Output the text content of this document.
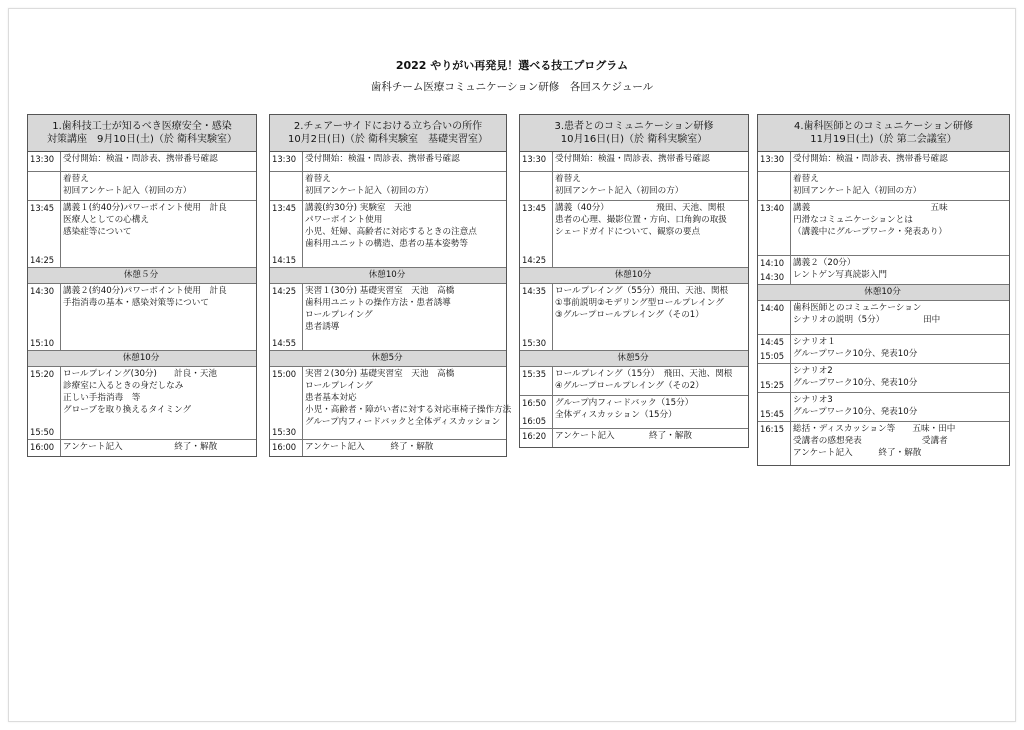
2022 やりがい再発見！選べる技工プログラム
歯科チーム医療コミュニケーション研修　各回スケジュール
1.歯科技工士が知るべき医療安全・感染
対策講座　9月10日(土)（於 衛科実験室）
13:30 受付開始：検温・問診表、携帯番号確認
着替え
初回アンケート記入（初回の方）
13:45
14:25
講義１(約40分)パワーポイント使用　計良
医療人としての心構え
感染症等について

休憩５分
14:30
15:10
講義２(約40分)パワーポイント使用　計良
手指消毒の基本・感染対策等について

休憩10分
15:20
15:50
ロールプレイング(30分)　　計良・天池
診療室に入るときの身だしなみ
正しい手指消毒　等
グローブを取り換えるタイミング

16:00 アンケート記入　　　　　　終了・解散
2.チェアーサイドにおける立ち合いの所作
10月2日(日)（於 衛科実験室　基礎実習室）
13:30 受付開始：検温・問診表、携帯番号確認
着替え
初回アンケート記入（初回の方）
13:45
14:15
講義(約30分) 実験室　天池
パワーポイント使用
小児、妊婦、高齢者に対応するときの注意点
歯科用ユニットの構造、患者の基本姿勢等
休憩10分
14:25
14:55
実習１(30分) 基礎実習室　天池　高橋
歯科用ユニットの操作方法・患者誘導
ロールプレイング
患者誘導
休憩5分
15:00
15:30
実習２(30分) 基礎実習室　天池　高橋
ロールプレイング
患者基本対応
小児・高齢者・障がい者に対する対応車椅子操作方法
グループ内フィードバックと全体ディスカッション
16:00 アンケート記入　　　終了・解散
3.患者とのコミュニケーション研修
10月16日(日)（於 衛科実験室）
13:30 受付開始：検温・問診表、携帯番号確認
着替え
初回アンケート記入（初回の方）
13:45
14:25
講義（40分）　　　　　　飛田、天池、関根
患者の心理、撮影位置・方向、口角鉤の取扱
シェードガイドについて、観察の要点

休憩10分
14:35
15:30
ロールプレイング（55分）飛田、天池、関根
①事前説明②モデリング型ロールプレイング
③グループロールプレイング（その1）

休憩5分
15:35 ロールプレイング（15分）　飛田、天池、関根
④グループロールプレイング（その2）
16:50
16:05
グループ内フィードバック（15分）
全体ディスカッション（15分）

16:20 アンケート記入　　　　終了・解散
4.歯科医師とのコミュニケーション研修
11月19日(土)（於 第二会議室）
13:30 受付開始：検温・問診表、携帯番号確認
着替え
初回アンケート記入（初回の方）
13:40 講義　　　　　　　　　　　　　　五味
円滑なコミュニケーションとは
（講義中にグループワーク・発表あり）
14:10
14:30
講義２（20分）
レントゲン写真読影入門
休憩10分
14:40 歯科医師とのコミュニケーション
シナリオの説明（5分）　　　　　田中
14:45
15:05
シナリオ１
グループワーク10分、発表10分
15:25
シナリオ2
グループワーク10分、発表10分
15:45
シナリオ3
グループワーク10分、発表10分
16:15 総括・ディスカッション等　　五味・田中
受講者の感想発表　　　　　　　受講者
アンケート記入　　　終了・解散
